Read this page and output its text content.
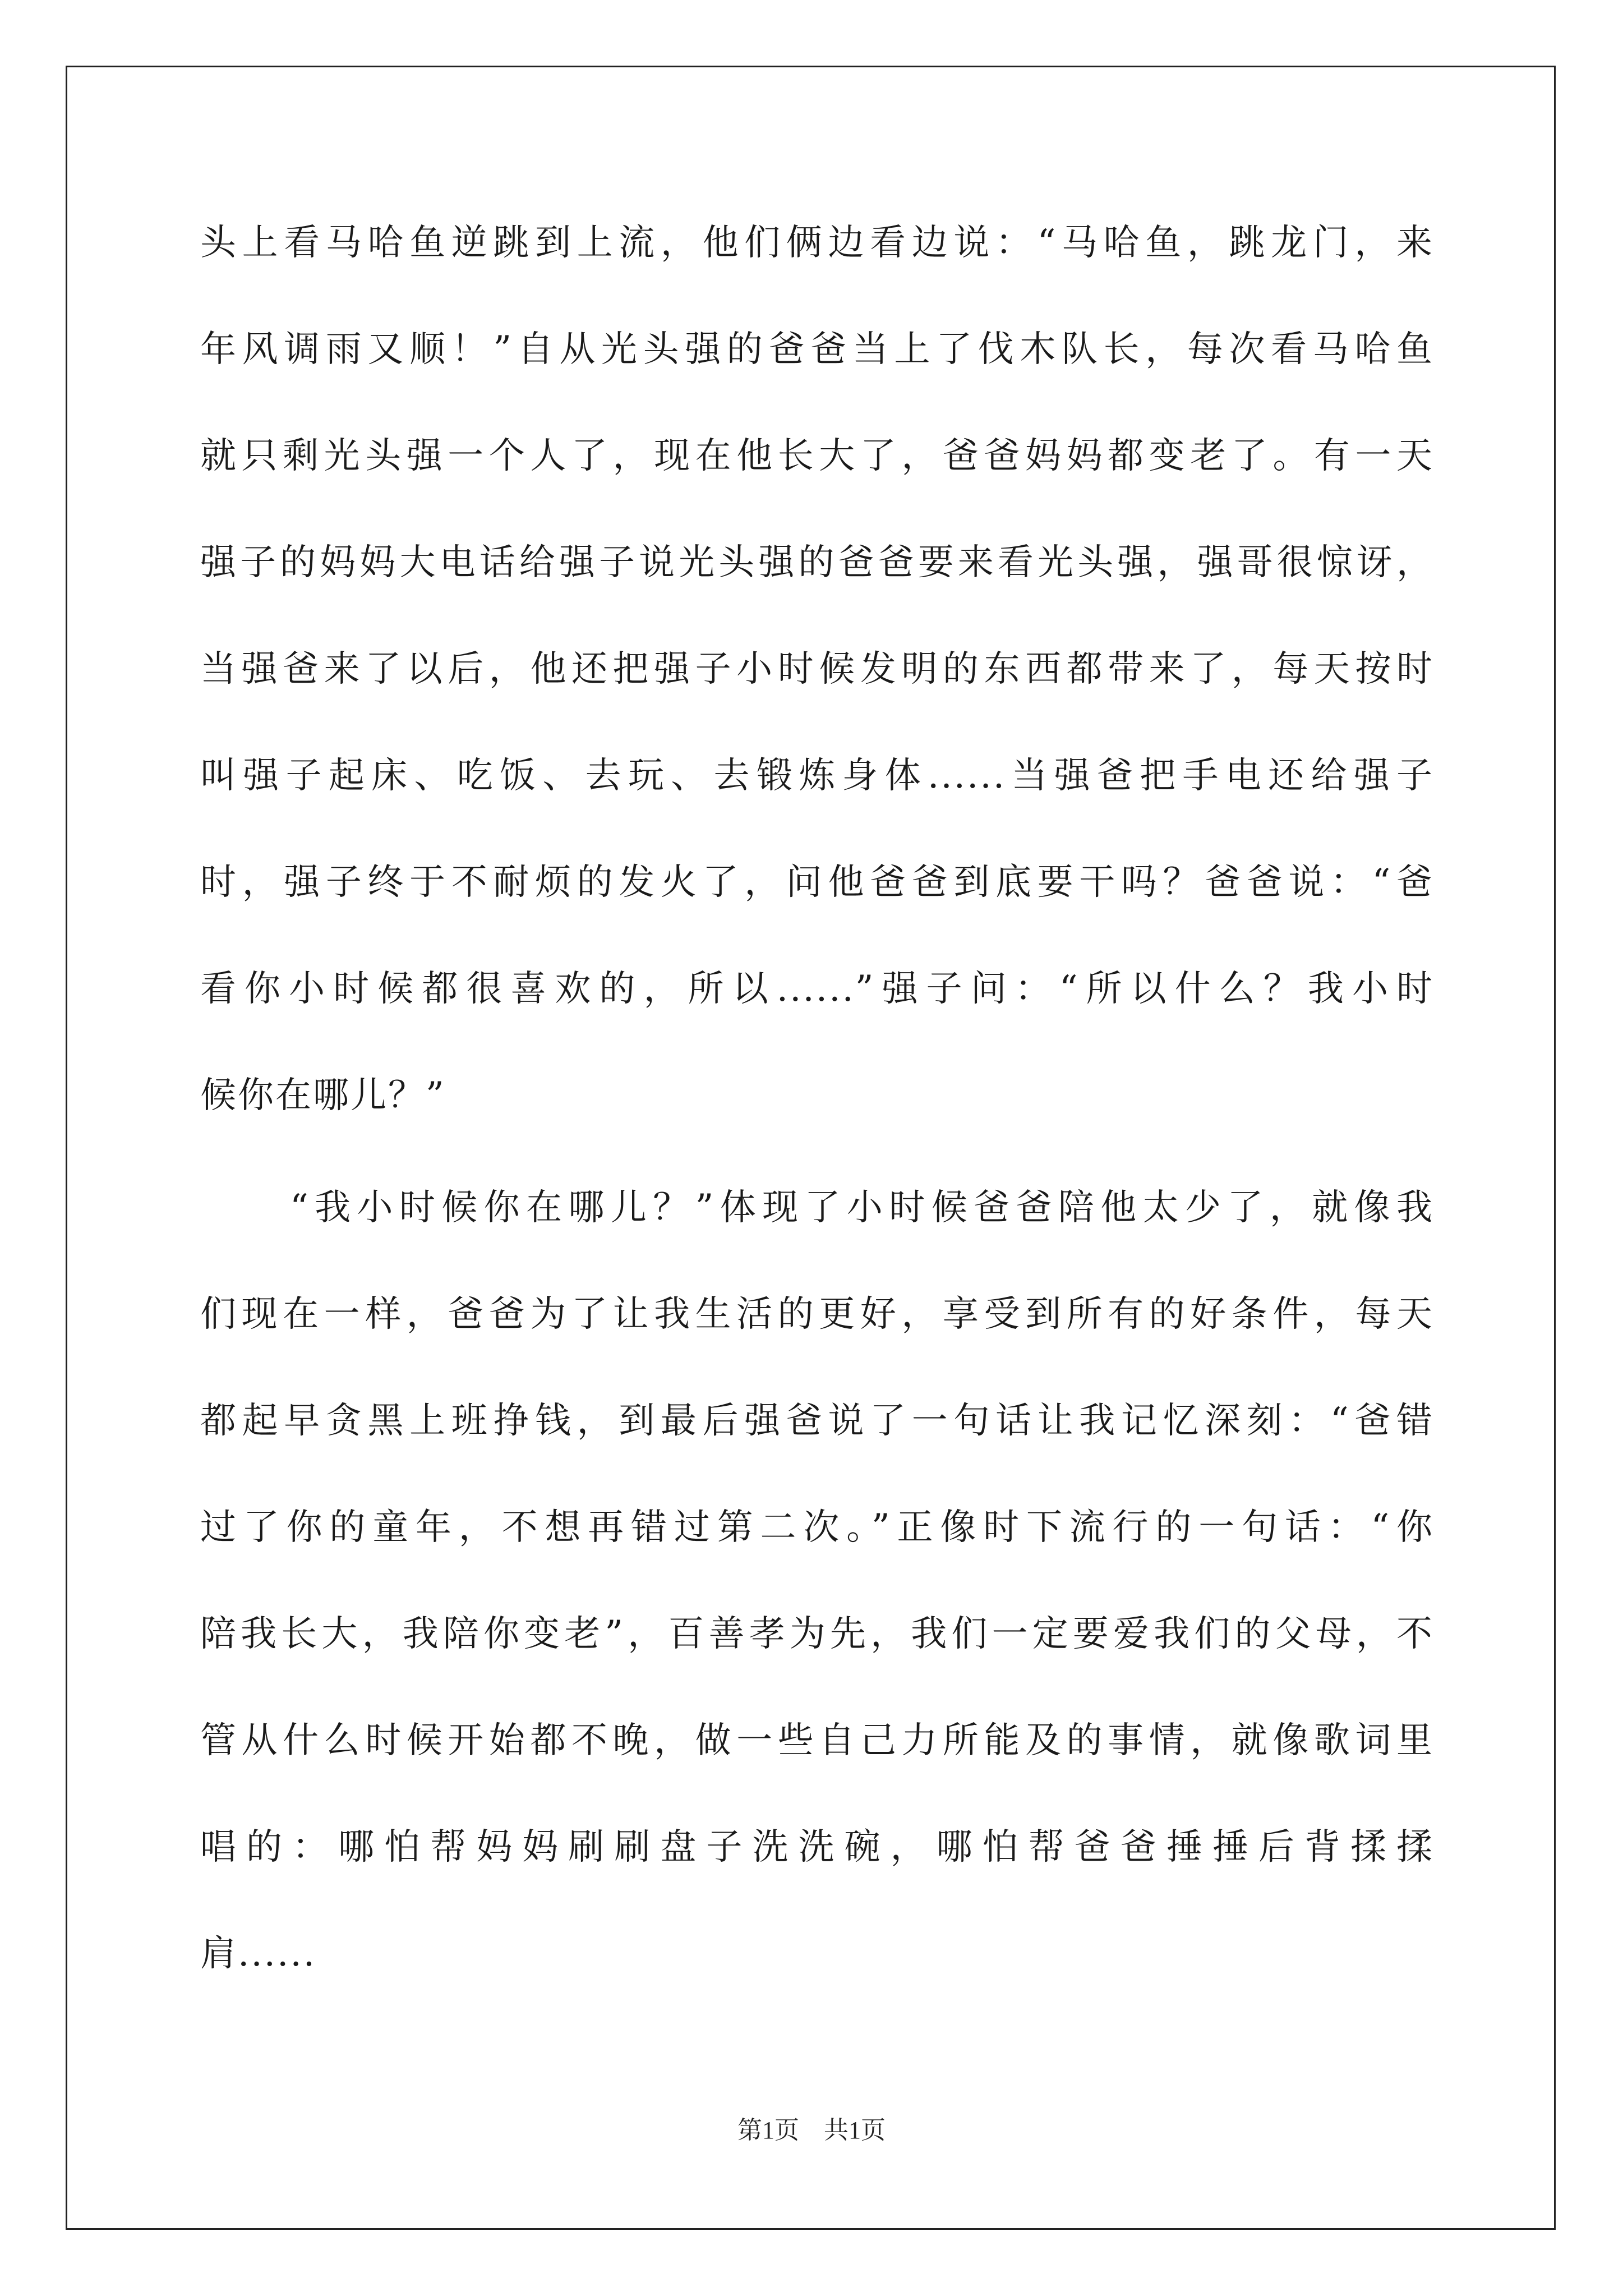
头上看马哈鱼逆跳到上流，他们俩边看边说：“马哈鱼，跳龙门，来
年风调雨又顺！”自从光头强的爸爸当上了伐木队长，每次看马哈鱼
就只剩光头强一个人了，现在他长大了，爸爸妈妈都变老了。有一天
强子的妈妈大电话给强子说光头强的爸爸要来看光头强，强哥很惊讶，
当强爸来了以后，他还把强子小时候发明的东西都带来了，每天按时
叫强子起床、吃饭、去玩、去锻炼身体......当强爸把手电还给强子
时，强子终于不耐烦的发火了，问他爸爸到底要干吗？爸爸说：“爸
看你小时候都很喜欢的，所以......”强子问：“所以什么？我小时
候你在哪儿？”
“我小时候你在哪儿？”体现了小时候爸爸陪他太少了，就像我
们现在一样，爸爸为了让我生活的更好，享受到所有的好条件，每天
都起早贪黑上班挣钱，到最后强爸说了一句话让我记忆深刻：“爸错
过了你的童年，不想再错过第二次。”正像时下流行的一句话：“你
陪我长大，我陪你变老”，百善孝为先，我们一定要爱我们的父母，不
管从什么时候开始都不晚，做一些自己力所能及的事情，就像歌词里
唱的：哪怕帮妈妈刷刷盘子洗洗碗，哪怕帮爸爸捶捶后背揉揉
肩......
第1页 共1页
